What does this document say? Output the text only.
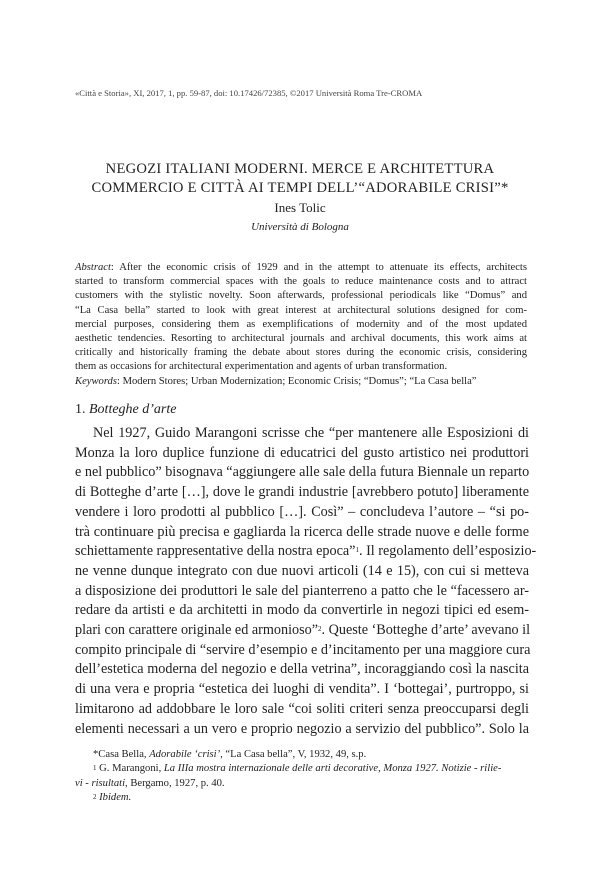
«Città e Storia», XI, 2017, 1, pp. 59-87, doi: 10.17426/72385, ©2017 Università Roma Tre-CROMA
NEGOZI ITALIANI MODERNI. MERCE E ARCHITETTURA
COMMERCIO E CITTÀ AI TEMPI DELL’“ADORABILE CRISI”*
Ines Tolic
Università di Bologna
Abstract: After the economic crisis of 1929 and in the attempt to attenuate its effects, architects
started to transform commercial spaces with the goals to reduce maintenance costs and to attract
customers with the stylistic novelty. Soon afterwards, professional periodicals like “Domus” and
“La Casa bella” started to look with great interest at architectural solutions designed for com-
mercial purposes, considering them as exemplifications of modernity and of the most updated
aesthetic tendencies. Resorting to architectural journals and archival documents, this work aims at
critically and historically framing the debate about stores during the economic crisis, considering
them as occasions for architectural experimentation and agents of urban transformation.
Keywords: Modern Stores; Urban Modernization; Economic Crisis; “Domus”; “La Casa bella”
1. Botteghe d’arte
Nel 1927, Guido Marangoni scrisse che “per mantenere alle Esposizioni di
Monza la loro duplice funzione di educatrici del gusto artistico nei produttori
e nel pubblico” bisognava “aggiungere alle sale della futura Biennale un reparto
di Botteghe d’arte […], dove le grandi industrie [avrebbero potuto] liberamente
vendere i loro prodotti al pubblico […]. Così” – concludeva l’autore – “si po-
trà continuare più precisa e gagliarda la ricerca delle strade nuove e delle forme
schiettamente rappresentative della nostra epoca”$^1$. Il regolamento dell’esposizio-
ne venne dunque integrato con due nuovi articoli (14 e 15), con cui si metteva
a disposizione dei produttori le sale del pianterreno a patto che le “facessero ar-
redare da artisti e da architetti in modo da convertirle in negozi tipici ed esem-
plari con carattere originale ed armonioso”$^2$. Queste ‘Botteghe d’arte’ avevano il
compito principale di “servire d’esempio e d’incitamento per una maggiore cura
dell’estetica moderna del negozio e della vetrina”, incoraggiando così la nascita
di una vera e propria “estetica dei luoghi di vendita”. I ‘bottegai’, purtroppo, si
limitarono ad addobbare le loro sale “coi soliti criteri senza preoccuparsi degli
elementi necessari a un vero e proprio negozio a servizio del pubblico”. Solo la
*Casa Bella, Adorabile ‘crisi’, “La Casa bella”, V, 1932, 49, s.p.
$^1$ G. Marangoni, La IIIa mostra internazionale delle arti decorative, Monza 1927. Notizie - rilie-
vi - risultati, Bergamo, 1927, p. 40.
$^2$ Ibidem.
